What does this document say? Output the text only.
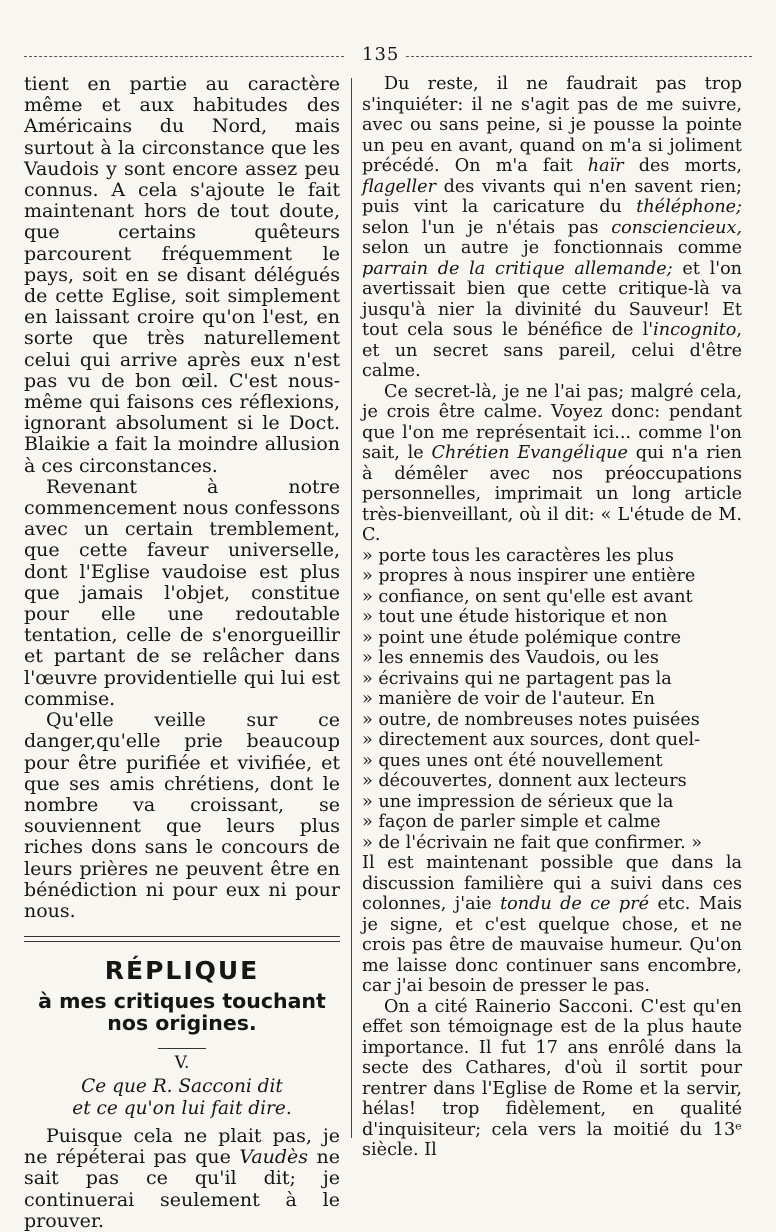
135

tient en partie au caractère même et aux habitudes des Américains du Nord, mais surtout à la circonstance que les Vaudois y sont encore assez peu connus. A cela s'ajoute le fait maintenant hors de tout doute, que certains quêteurs parcourent fréquemment le pays, soit en se disant délégués de cette Eglise, soit simplement en laissant croire qu'on l'est, en sorte que très naturellement celui qui arrive après eux n'est pas vu de bon œil. C'est nous-même qui faisons ces réflexions, ignorant absolument si le Doct. Blaikie a fait la moindre allusion à ces circonstances.

Revenant à notre commencement nous confessons avec un certain tremblement, que cette faveur universelle, dont l'Eglise vaudoise est plus que jamais l'objet, constitue pour elle une redoutable tentation, celle de s'enorgueillir et partant de se relâcher dans l'œuvre providentielle qui lui est commise.

Qu'elle veille sur ce danger,qu'elle prie beaucoup pour être purifiée et vivifiée, et que ses amis chrétiens, dont le nombre va croissant, se souviennent que leurs plus riches dons sans le concours de leurs prières ne peuvent être en bénédiction ni pour eux ni pour nous.

RÉPLIQUE
à mes critiques touchant nos origines.
V.
Ce que R. Sacconi dit
et ce qu'on lui fait dire.

Puisque cela ne plait pas, je ne répéterai pas que Vaudès ne sait pas ce qu'il dit; je continuerai seulement à le prouver.

Du reste, il ne faudrait pas trop s'inquiéter: il ne s'agit pas de me suivre, avec ou sans peine, si je pousse la pointe un peu en avant, quand on m'a si joliment précédé. On m'a fait haïr des morts, flageller des vivants qui n'en savent rien; puis vint la caricature du théléphone; selon l'un je n'étais pas consciencieux, selon un autre je fonctionnais comme parrain de la critique allemande; et l'on avertissait bien que cette critique-là va jusqu'à nier la divinité du Sauveur! Et tout cela sous le bénéfice de l'incognito, et un secret sans pareil, celui d'être calme.

Ce secret-là, je ne l'ai pas; malgré cela, je crois être calme. Voyez donc: pendant que l'on me représentait ici... comme l'on sait, le Chrétien Evangélique qui n'a rien à démêler avec nos préoccupations personnelles, imprimait un long article très-bienveillant, où il dit: « L'étude de M. C.

» porte tous les caractères les plus

» propres à nous inspirer une entière

» confiance, on sent qu'elle est avant

» tout une étude historique et non

» point une étude polémique contre

» les ennemis des Vaudois, ou les

» écrivains qui ne partagent pas la

» manière de voir de l'auteur. En

» outre, de nombreuses notes puisées

» directement aux sources, dont quel-

» ques unes ont été nouvellement

» découvertes, donnent aux lecteurs

» une impression de sérieux que la

» façon de parler simple et calme

» de l'écrivain ne fait que confirmer. »

Il est maintenant possible que dans la discussion familière qui a suivi dans ces colonnes, j'aie tondu de ce pré etc. Mais je signe, et c'est quelque chose, et ne crois pas être de mauvaise humeur. Qu'on me laisse donc continuer sans encombre, car j'ai besoin de presser le pas.

On a cité Rainerio Sacconi. C'est qu'en effet son témoignage est de la plus haute importance. Il fut 17 ans enrôlé dans la secte des Cathares, d'où il sortit pour rentrer dans l'Eglise de Rome et la servir, hélas! trop fidèlement, en qualité d'inquisiteur; cela vers la moitié du 13ᵉ siècle. Il
